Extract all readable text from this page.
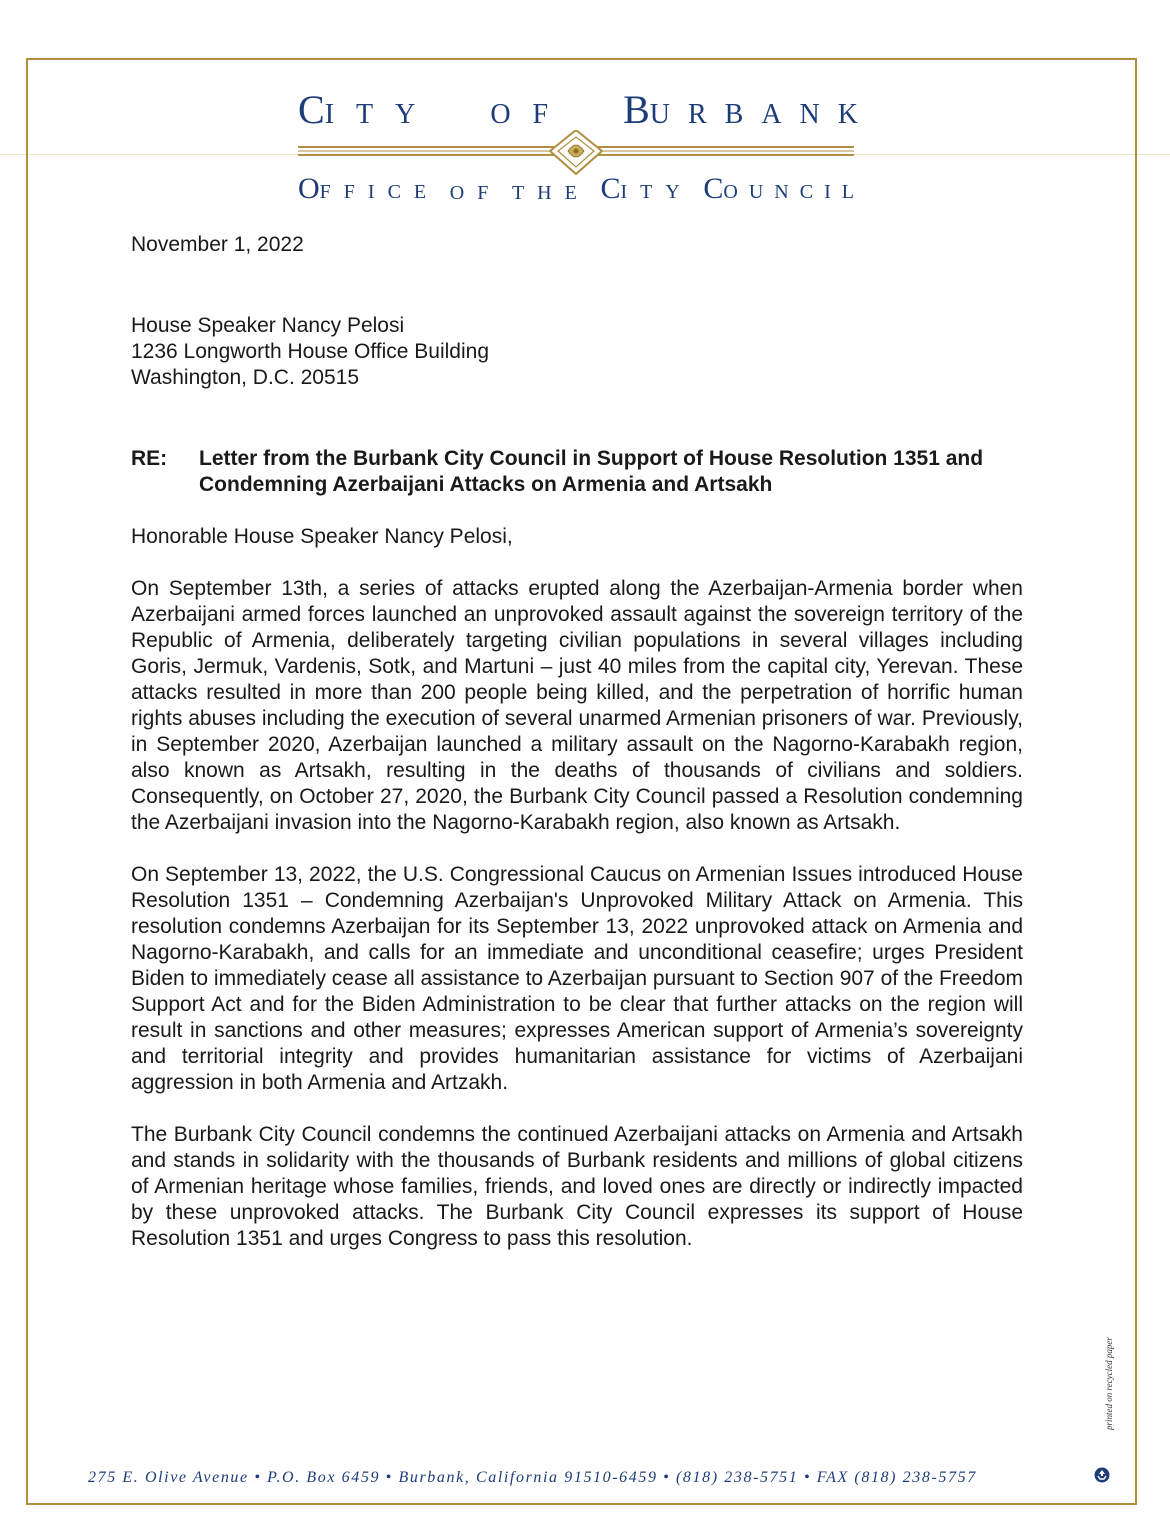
CITY OF BURBANK
OFFICE OF THE CITY COUNCIL
November 1, 2022
House Speaker Nancy Pelosi
1236 Longworth House Office Building
Washington, D.C. 20515
RE:	Letter from the Burbank City Council in Support of House Resolution 1351 and Condemning Azerbaijani Attacks on Armenia and Artsakh
Honorable House Speaker Nancy Pelosi,
On September 13th, a series of attacks erupted along the Azerbaijan-Armenia border when Azerbaijani armed forces launched an unprovoked assault against the sovereign territory of the Republic of Armenia, deliberately targeting civilian populations in several villages including Goris, Jermuk, Vardenis, Sotk, and Martuni – just 40 miles from the capital city, Yerevan. These attacks resulted in more than 200 people being killed, and the perpetration of horrific human rights abuses including the execution of several unarmed Armenian prisoners of war. Previously, in September 2020, Azerbaijan launched a military assault on the Nagorno-Karabakh region, also known as Artsakh, resulting in the deaths of thousands of civilians and soldiers. Consequently, on October 27, 2020, the Burbank City Council passed a Resolution condemning the Azerbaijani invasion into the Nagorno-Karabakh region, also known as Artsakh.
On September 13, 2022, the U.S. Congressional Caucus on Armenian Issues introduced House Resolution 1351 – Condemning Azerbaijan's Unprovoked Military Attack on Armenia. This resolution condemns Azerbaijan for its September 13, 2022 unprovoked attack on Armenia and Nagorno-Karabakh, and calls for an immediate and unconditional ceasefire; urges President Biden to immediately cease all assistance to Azerbaijan pursuant to Section 907 of the Freedom Support Act and for the Biden Administration to be clear that further attacks on the region will result in sanctions and other measures; expresses American support of Armenia’s sovereignty and territorial integrity and provides humanitarian assistance for victims of Azerbaijani aggression in both Armenia and Artzakh.
The Burbank City Council condemns the continued Azerbaijani attacks on Armenia and Artsakh and stands in solidarity with the thousands of Burbank residents and millions of global citizens of Armenian heritage whose families, friends, and loved ones are directly or indirectly impacted by these unprovoked attacks. The Burbank City Council expresses its support of House Resolution 1351 and urges Congress to pass this resolution.
printed on recycled paper
275 E. Olive Avenue • P.O. Box 6459 • Burbank, California 91510-6459 • (818) 238-5751 • FAX (818) 238-5757
